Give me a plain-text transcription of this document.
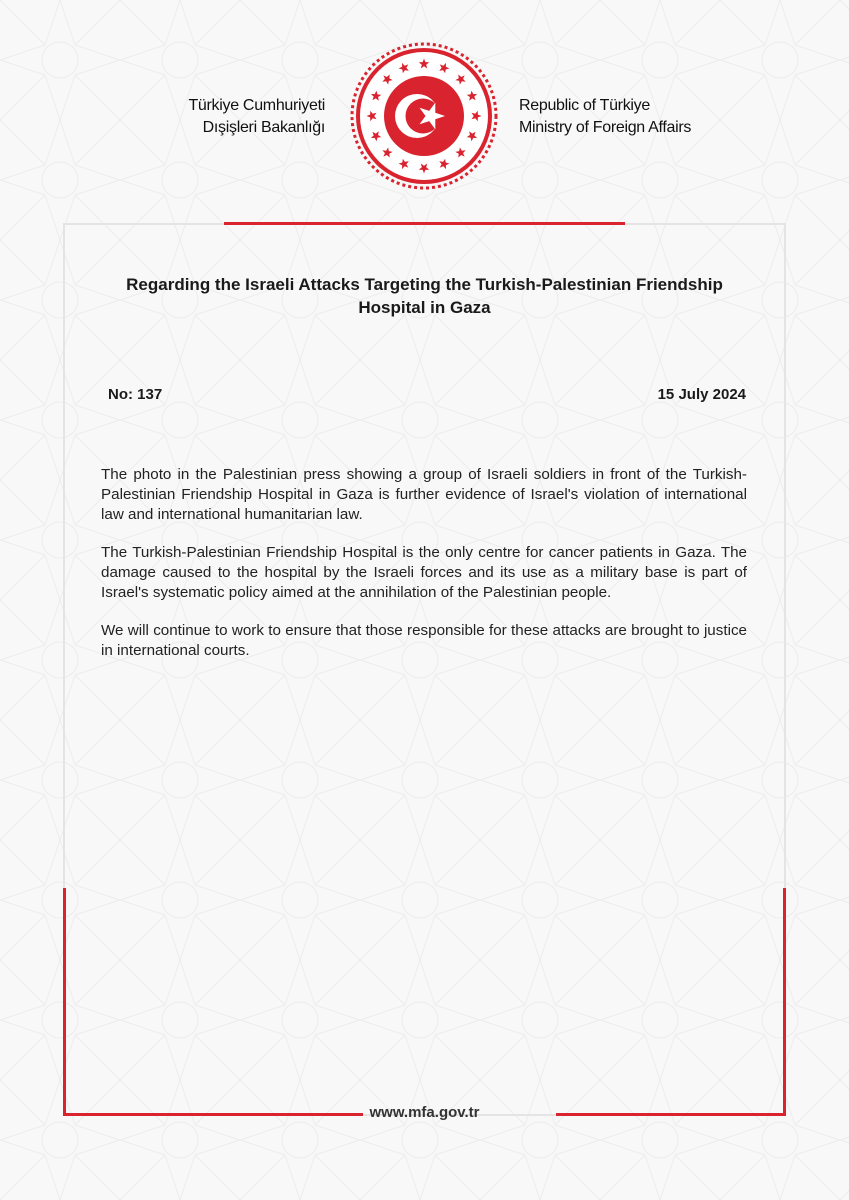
Türkiye Cumhuriyeti
Dışişleri Bakanlığı
Republic of Türkiye
Ministry of Foreign Affairs
Regarding the Israeli Attacks Targeting the Turkish-Palestinian Friendship Hospital in Gaza
No: 137	15 July 2024

The photo in the Palestinian press showing a group of Israeli soldiers in front of the Turkish-Palestinian Friendship Hospital in Gaza is further evidence of Israel's violation of international law and international humanitarian law.

The Turkish-Palestinian Friendship Hospital is the only centre for cancer patients in Gaza. The damage caused to the hospital by the Israeli forces and its use as a military base is part of Israel's systematic policy aimed at the annihilation of the Palestinian people.

We will continue to work to ensure that those responsible for these attacks are brought to justice in international courts.

www.mfa.gov.tr
